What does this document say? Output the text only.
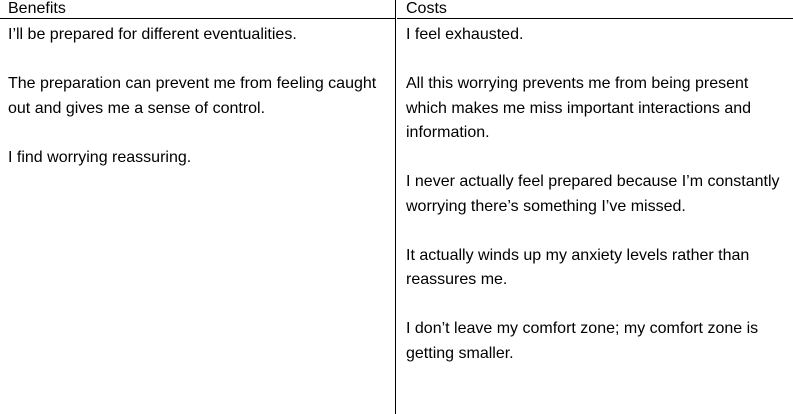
Benefits

I’ll be prepared for different eventualities.

The preparation can prevent me from feeling caught out and gives me a sense of control.

I find worrying reassuring.

Costs

I feel exhausted.

All this worrying prevents me from being present which makes me miss important interactions and information.

I never actually feel prepared because I’m constantly worrying there’s something I’ve missed.

It actually winds up my anxiety levels rather than reassures me.

I don’t leave my comfort zone; my comfort zone is getting smaller.
